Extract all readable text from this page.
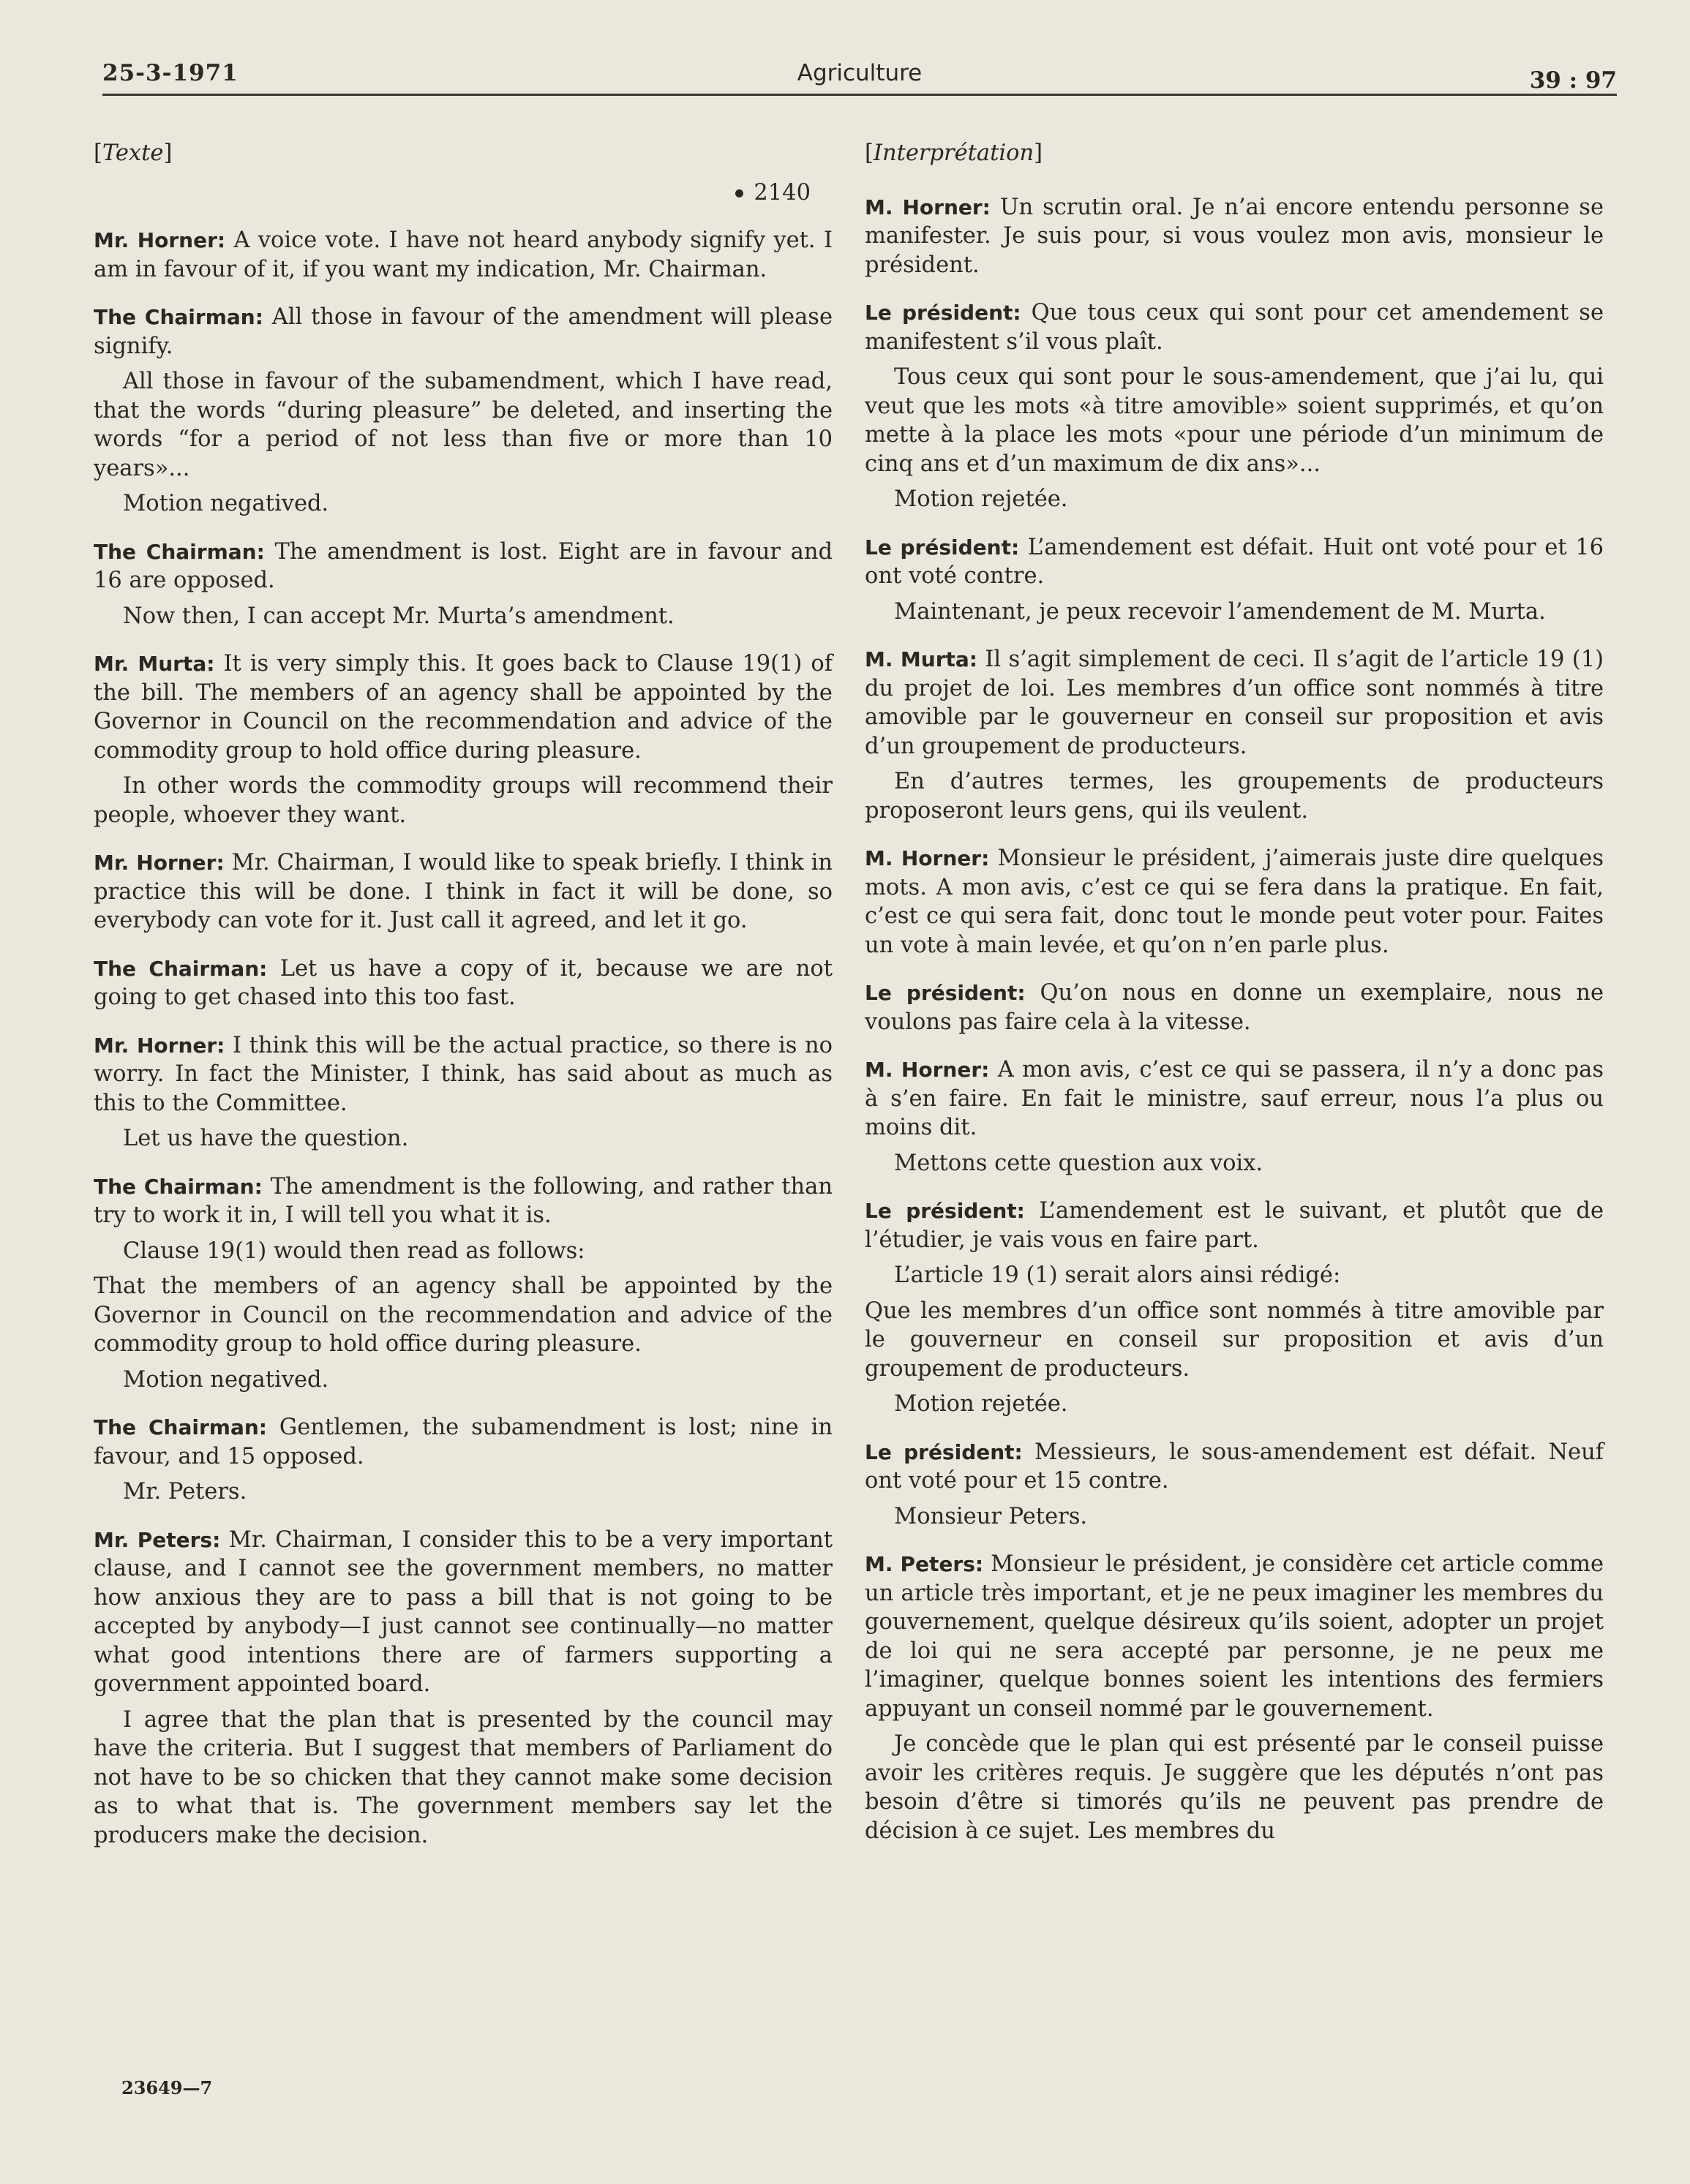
25-3-1971	Agriculture	39 : 97

[ Texte ]

2140

Mr. Horner: A voice vote. I have not heard anybody signify yet. I am in favour of it, if you want my indication, Mr. Chairman.

The Chairman: All those in favour of the amendment will please signify.

All those in favour of the subamendment, which I have read, that the words “during pleasure” be deleted, and inserting the words “for a period of not less than five or more than 10 years»...

Motion negatived.

The Chairman: The amendment is lost. Eight are in favour and 16 are opposed.

Now then, I can accept Mr. Murta’s amendment.

Mr. Murta: It is very simply this. It goes back to Clause 19(1) of the bill. The members of an agency shall be appointed by the Governor in Council on the recommendation and advice of the commodity group to hold office during pleasure.

In other words the commodity groups will recommend their people, whoever they want.

Mr. Horner: Mr. Chairman, I would like to speak briefly. I think in practice this will be done. I think in fact it will be done, so everybody can vote for it. Just call it agreed, and let it go.

The Chairman: Let us have a copy of it, because we are not going to get chased into this too fast.

Mr. Horner: I think this will be the actual practice, so there is no worry. In fact the Minister, I think, has said about as much as this to the Committee.

Let us have the question.

The Chairman: The amendment is the following, and rather than try to work it in, I will tell you what it is.

Clause 19(1) would then read as follows:

That the members of an agency shall be appointed by the Governor in Council on the recommendation and advice of the commodity group to hold office during pleasure.

Motion negatived.

The Chairman: Gentlemen, the subamendment is lost; nine in favour, and 15 opposed.

Mr. Peters.

Mr. Peters: Mr. Chairman, I consider this to be a very important clause, and I cannot see the government members, no matter how anxious they are to pass a bill that is not going to be accepted by anybody—I just cannot see continually—no matter what good intentions there are of farmers supporting a government appointed board.

I agree that the plan that is presented by the council may have the criteria. But I suggest that members of Parliament do not have to be so chicken that they cannot make some decision as to what that is. The government members say let the producers make the decision.

[ Interprétation ]

M. Horner: Un scrutin oral. Je n’ai encore entendu personne se manifester. Je suis pour, si vous voulez mon avis, monsieur le président.

Le président: Que tous ceux qui sont pour cet amendement se manifestent s’il vous plaît.

Tous ceux qui sont pour le sous-amendement, que j’ai lu, qui veut que les mots «à titre amovible» soient supprimés, et qu’on mette à la place les mots «pour une période d’un minimum de cinq ans et d’un maximum de dix ans»...

Motion rejetée.

Le président: L’amendement est défait. Huit ont voté pour et 16 ont voté contre.

Maintenant, je peux recevoir l’amendement de M. Murta.

M. Murta: Il s’agit simplement de ceci. Il s’agit de l’article 19 (1) du projet de loi. Les membres d’un office sont nommés à titre amovible par le gouverneur en conseil sur proposition et avis d’un groupement de producteurs.

En d’autres termes, les groupements de producteurs proposeront leurs gens, qui ils veulent.

M. Horner: Monsieur le président, j’aimerais juste dire quelques mots. A mon avis, c’est ce qui se fera dans la pratique. En fait, c’est ce qui sera fait, donc tout le monde peut voter pour. Faites un vote à main levée, et qu’on n’en parle plus.

Le président: Qu’on nous en donne un exemplaire, nous ne voulons pas faire cela à la vitesse.

M. Horner: A mon avis, c’est ce qui se passera, il n’y a donc pas à s’en faire. En fait le ministre, sauf erreur, nous l’a plus ou moins dit.

Mettons cette question aux voix.

Le président: L’amendement est le suivant, et plutôt que de l’étudier, je vais vous en faire part.

L’article 19 (1) serait alors ainsi rédigé:

Que les membres d’un office sont nommés à titre amovible par le gouverneur en conseil sur proposition et avis d’un groupement de producteurs.

Motion rejetée.

Le président: Messieurs, le sous-amendement est défait. Neuf ont voté pour et 15 contre.

Monsieur Peters.

M. Peters: Monsieur le président, je considère cet article comme un article très important, et je ne peux imaginer les membres du gouvernement, quelque désireux qu’ils soient, adopter un projet de loi qui ne sera accepté par personne, je ne peux me l’imaginer, quelque bonnes soient les intentions des fermiers appuyant un conseil nommé par le gouvernement.

Je concède que le plan qui est présenté par le conseil puisse avoir les critères requis. Je suggère que les députés n’ont pas besoin d’être si timorés qu’ils ne peuvent pas prendre de décision à ce sujet. Les membres du

23649—7
